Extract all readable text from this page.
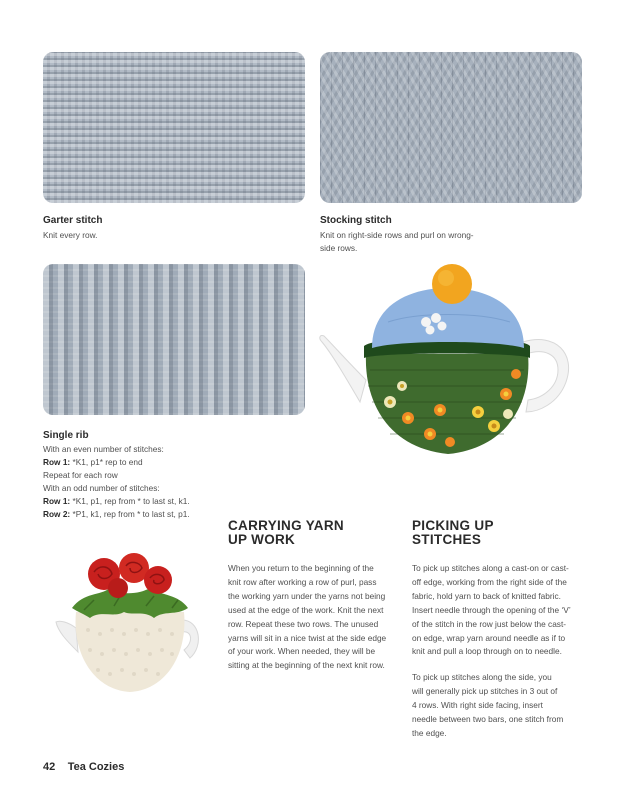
Garter stitch
Knit every row.
Stocking stitch
Knit on right-side rows and purl on wrong-
side rows.
Single rib
With an even number of stitches:
Row 1: *K1, p1* rep to end
Repeat for each row
With an odd number of stitches:
Row 1: *K1, p1, rep from * to last st, k1.
Row 2: *P1, k1, rep from * to last st, p1.
CARRYING YARN
UP WORK
When you return to the beginning of the
knit row after working a row of purl, pass
the working yarn under the yarns not being
used at the edge of the work. Knit the next
row. Repeat these two rows. The unused
yarns will sit in a nice twist at the side edge
of your work. When needed, they will be
sitting at the beginning of the next knit row.
PICKING UP
STITCHES
To pick up stitches along a cast-on or cast-
off edge, working from the right side of the
fabric, hold yarn to back of knitted fabric.
Insert needle through the opening of the ‘V’
of the stitch in the row just below the cast-
on edge, wrap yarn around needle as if to
knit and pull a loop through on to needle.
To pick up stitches along the side, you
will generally pick up stitches in 3 out of
4 rows. With right side facing, insert
needle between two bars, one stitch from
the edge.
42 Tea Cozies
